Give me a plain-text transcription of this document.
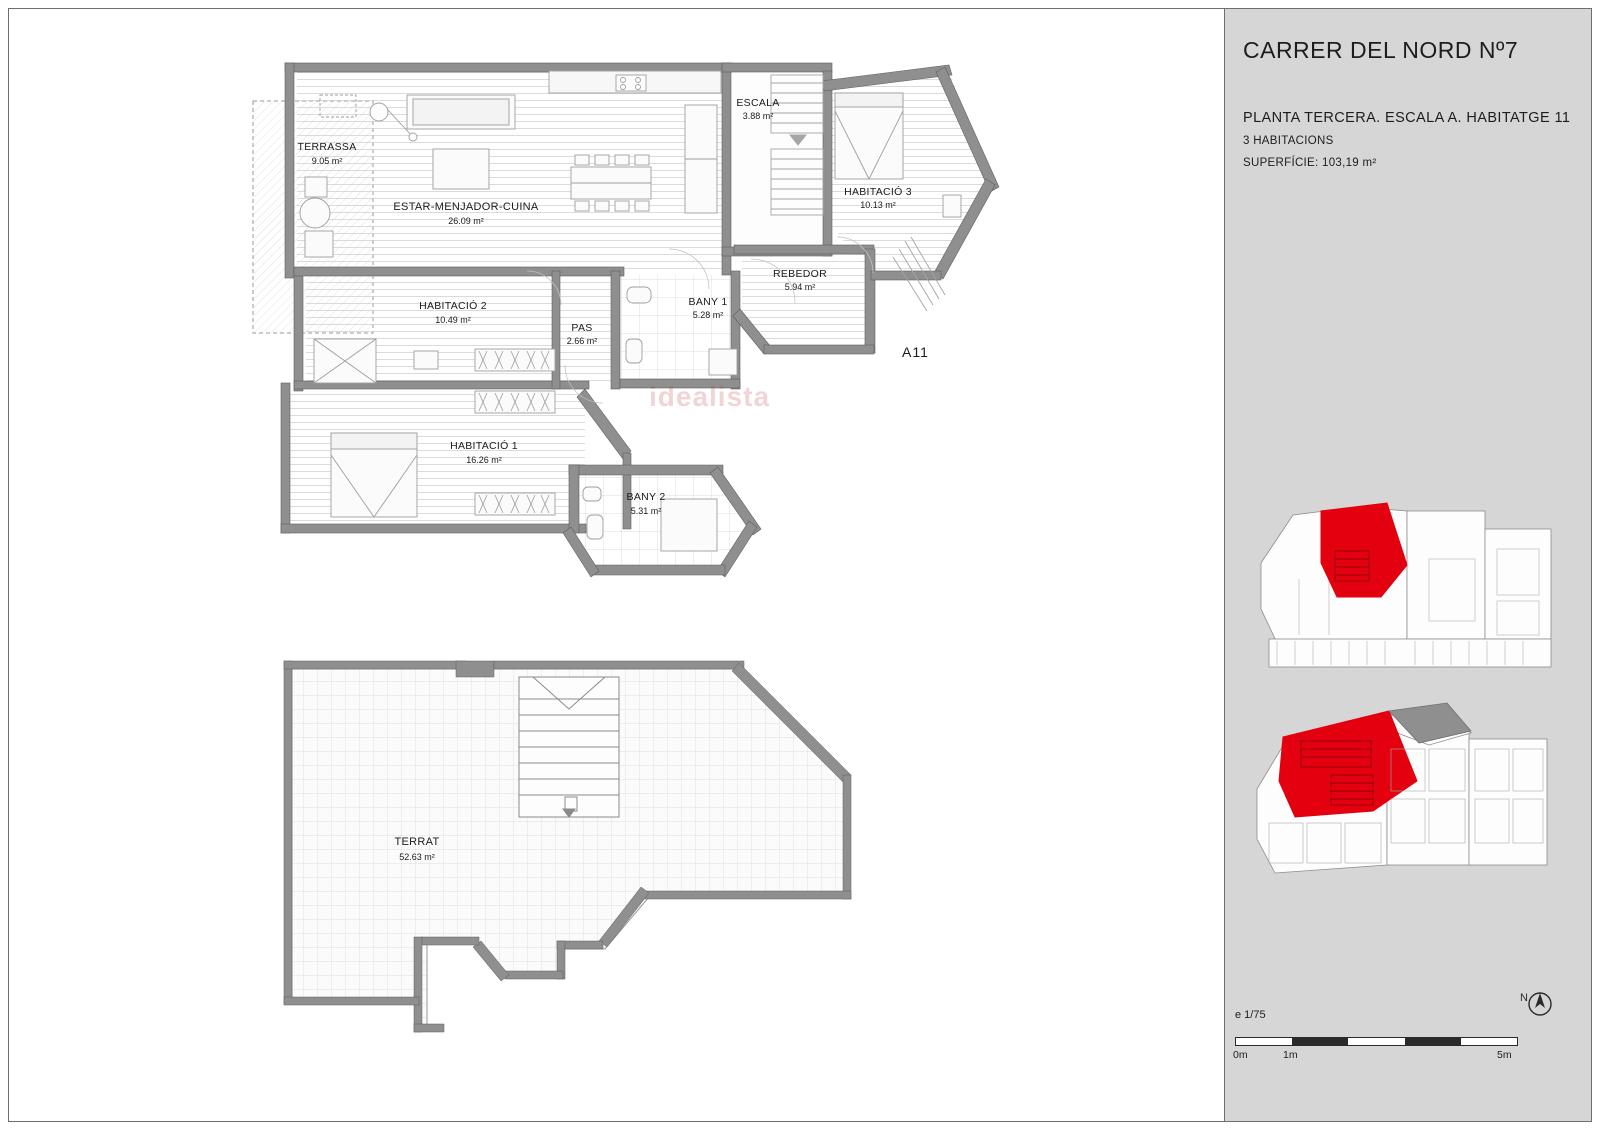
TERRASSA
9.05 m²
ESTAR-MENJADOR-CUINA
26.09 m²
ESCALA
3.88 m²
HABITACIÓ 3
10.13 m²
REBEDOR
5.94 m²
HABITACIÓ 2
10.49 m²
PAS
2.66 m²
BANY 1
5.28 m²
HABITACIÓ 1
16.26 m²
BANY 2
5.31 m²
A11
TERRAT
52.63 m²
idealista
CARRER DEL NORD Nº7
PLANTA TERCERA. ESCALA A. HABITATGE 11
3 HABITACIONS
SUPERFÍCIE: 103,19 m²
N
e 1/75
0m	1m	5m
